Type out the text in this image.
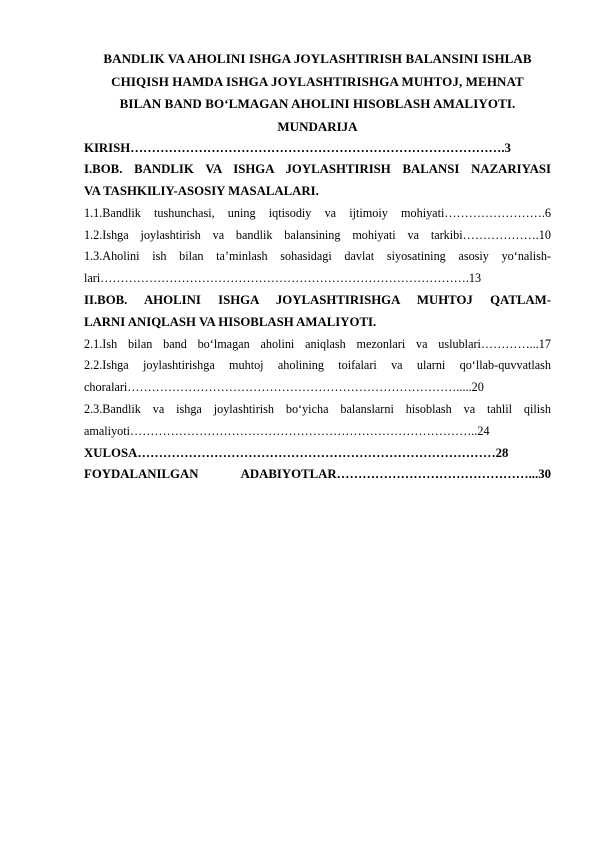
BANDLIK VA AHOLINI ISHGA JOYLASHTIRISH BALANSINI ISHLAB

CHIQISH HAMDA ISHGA JOYLASHTIRISHGA MUHTOJ, MEHNAT

BILAN BAND BO‘LMAGAN AHOLINI HISOBLASH AMALIYOTI.

MUNDARIJA

KIRISH…………………………………………………………………………….3
I.BOB. BANDLIK VA ISHGA JOYLASHTIRISH BALANSI NAZARIYASI
VA TASHKILIY-ASOSIY MASALALARI.
1.1.Bandlik tushunchasi, uning iqtisodiy va ijtimoiy mohiyati…………………….6
1.2.Ishga joylashtirish va bandlik balansining mohiyati va tarkibi……………….10
1.3.Aholini ish bilan ta’minlash sohasidagi davlat siyosatining asosiy yo‘nalish-
lari……………………………………………………………………………….13
II.BOB. AHOLINI ISHGA JOYLASHTIRISHGA MUHTOJ QATLAM-
LARNI ANIQLASH VA HISOBLASH AMALIYOTI.
2.1.Ish bilan band bo‘lmagan aholini aniqlash mezonlari va uslublari…………...17
2.2.Ishga joylashtirishga muhtoj aholining toifalari va ularni qo‘llab-quvvatlash
choralari……………………………………………………………………….....20
2.3.Bandlik va ishga joylashtirish bo‘yicha balanslarni hisoblash va tahlil qilish
amaliyoti…………………………………………………………………………..24
XULOSA…………………………………………………………………………28
FOYDALANILGAN ADABIYOTLAR………………………………………...30
